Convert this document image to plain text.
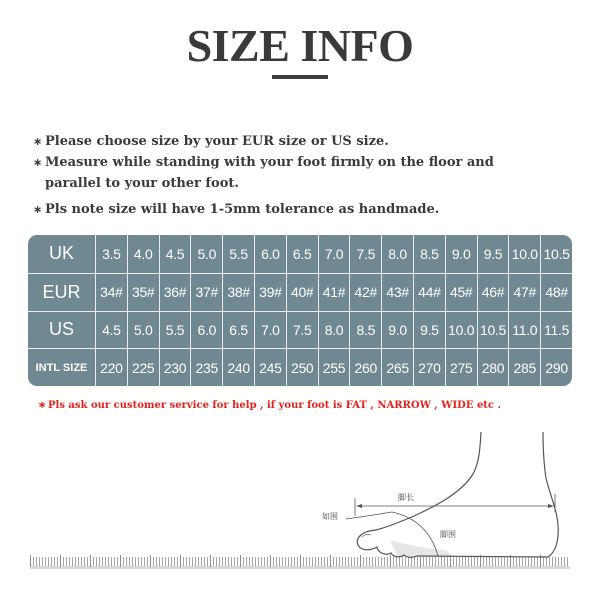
SIZE INFO
∗ Please choose size by your EUR size or US size.
∗ Measure while standing with your foot firmly on the floor and
parallel to your other foot.
∗ Pls note size will have 1-5mm tolerance as handmade.
UK	3.5 4.0 4.5 5.0 5.5 6.0 6.5 7.0 7.5 8.0 8.5 9.0 9.5 10.0 10.5
EUR	34# 35# 36# 37# 38# 39# 40# 41# 42# 43# 44# 45# 46# 47# 48#
US	4.5 5.0 5.5 6.0 6.5 7.0 7.5 8.0 8.5 9.0 9.5 10.0 10.5 11.0 11.5
INTL SIZE 220 225 230 235 240 245 250 255 260 265 270 275 280 285 290
∗ Pls ask our customer service for help , if your foot is FAT , NARROW , WIDE etc .
脚长
如围
脚围
